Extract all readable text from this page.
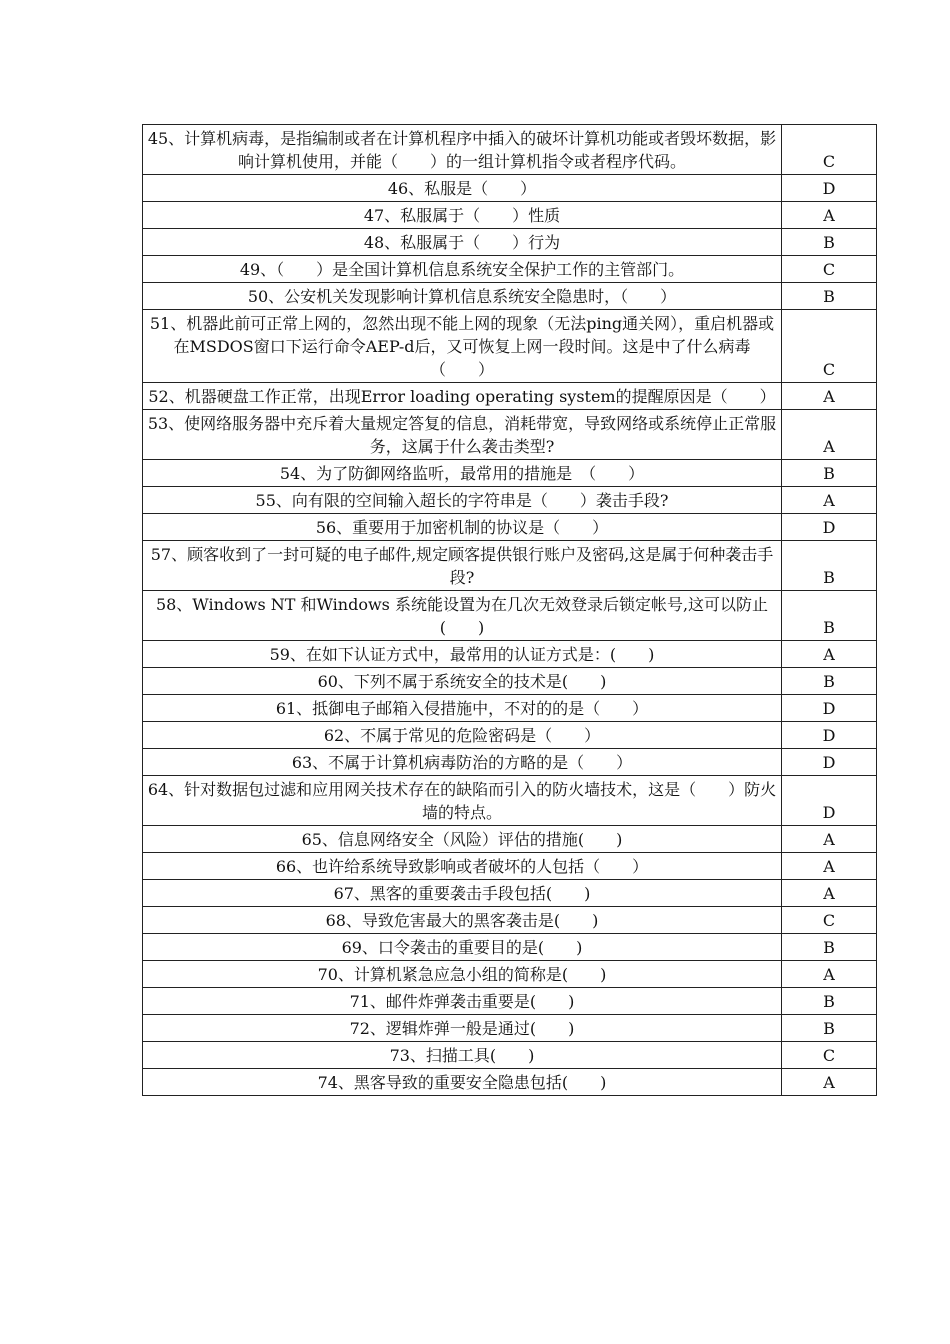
45、计算机病毒，是指编制或者在计算机程序中插入的破坏计算机功能或者毁坏数据，影响计算机使用，并能（　　）的一组计算机指令或者程序代码。	C
46、私服是（　　）	D
47、私服属于（　　）性质	A
48、私服属于（　　）行为	B
49、（　　）是全国计算机信息系统安全保护工作的主管部门。	C
50、公安机关发现影响计算机信息系统安全隐患时，（　　）	B
51、机器此前可正常上网的，忽然出现不能上网的现象（无法ping通关网），重启机器或在MSDOS窗口下运行命令AEP-d后，又可恢复上网一段时间。这是中了什么病毒（　　）	C
52、机器硬盘工作正常，出现Error loading operating system的提醒原因是（　　）	A
53、使网络服务器中充斥着大量规定答复的信息，消耗带宽，导致网络或系统停止正常服务，这属于什么袭击类型?	A
54、为了防御网络监听，最常用的措施是　（　　）	B
55、向有限的空间输入超长的字符串是（　　）袭击手段?	A
56、重要用于加密机制的协议是（　　）	D
57、顾客收到了一封可疑的电子邮件,规定顾客提供银行账户及密码,这是属于何种袭击手段?	B
58、Windows NT 和Windows 系统能设置为在几次无效登录后锁定帐号,这可以防止(　　)	B
59、在如下认证方式中，最常用的认证方式是：(　　)	A
60、下列不属于系统安全的技术是(　　)	B
61、抵御电子邮箱入侵措施中，不对的的是（　　）	D
62、不属于常见的危险密码是（　　）	D
63、不属于计算机病毒防治的方略的是（　　）	D
64、针对数据包过滤和应用网关技术存在的缺陷而引入的防火墙技术，这是（　　）防火墙的特点。	D
65、信息网络安全（风险）评估的措施(　　)	A
66、也许给系统导致影响或者破坏的人包括（　　）	A
67、黑客的重要袭击手段包括(　　)	A
68、导致危害最大的黑客袭击是(　　)	C
69、口令袭击的重要目的是(　　)	B
70、计算机紧急应急小组的简称是(　　)	A
71、邮件炸弹袭击重要是(　　)	B
72、逻辑炸弹一般是通过(　　)	B
73、扫描工具(　　)	C
74、黑客导致的重要安全隐患包括(　　)	A
